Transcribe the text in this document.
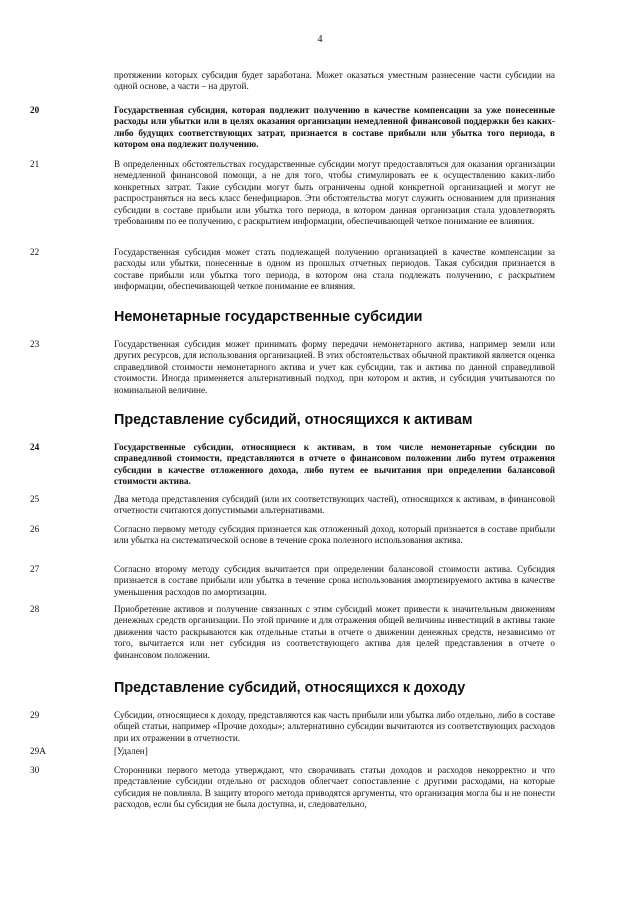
4
протяжении которых субсидия будет заработана. Может оказаться уместным разнесение части субсидии на одной основе, а части – на другой.
20	Государственная субсидия, которая подлежит получению в качестве компенсации за уже понесенные расходы или убытки или в целях оказания организации немедленной финансовой поддержки без каких-либо будущих соответствующих затрат, признается в составе прибыли или убытка того периода, в котором она подлежит получению.
21	В определенных обстоятельствах государственные субсидии могут предоставляться для оказания организации немедленной финансовой помощи, а не для того, чтобы стимулировать ее к осуществлению каких-либо конкретных затрат. Такие субсидии могут быть ограничены одной конкретной организацией и могут не распространяться на весь класс бенефициаров. Эти обстоятельства могут служить основанием для признания субсидии в составе прибыли или убытка того периода, в котором данная организация стала удовлетворять требованиям по ее получению, с раскрытием информации, обеспечивающей четкое понимание ее влияния.
22	Государственная субсидия может стать подлежащей получению организацией в качестве компенсации за расходы или убытки, понесенные в одном из прошлых отчетных периодов. Такая субсидия признается в составе прибыли или убытка того периода, в котором она стала подлежать получению, с раскрытием информации, обеспечивающей четкое понимание ее влияния.
Немонетарные государственные субсидии
23	Государственная субсидия может принимать форму передачи немонетарного актива, например земли или других ресурсов, для использования организацией. В этих обстоятельствах обычной практикой является оценка справедливой стоимости немонетарного актива и учет как субсидии, так и актива по данной справедливой стоимости. Иногда применяется альтернативный подход, при котором и актив, и субсидия учитываются по номинальной величине.
Представление субсидий, относящихся к активам
24	Государственные субсидии, относящиеся к активам, в том числе немонетарные субсидии по справедливой стоимости, представляются в отчете о финансовом положении либо путем отражения субсидии в качестве отложенного дохода, либо путем ее вычитания при определении балансовой стоимости актива.
25	Два метода представления субсидий (или их соответствующих частей), относящихся к активам, в финансовой отчетности считаются допустимыми альтернативами.
26	Согласно первому методу субсидия признается как отложенный доход, который признается в составе прибыли или убытка на систематической основе в течение срока полезного использования актива.
27	Согласно второму методу субсидия вычитается при определении балансовой стоимости актива. Субсидия признается в составе прибыли или убытка в течение срока использования амортизируемого актива в качестве уменьшения расходов по амортизации.
28	Приобретение активов и получение связанных с этим субсидий может привести к значительным движениям денежных средств организации. По этой причине и для отражения общей величины инвестиций в активы такие движения часто раскрываются как отдельные статьи в отчете о движении денежных средств, независимо от того, вычитается или нет субсидия из соответствующего актива для целей представления в отчете о финансовом положении.
Представление субсидий, относящихся к доходу
29	Субсидии, относящиеся к доходу, представляются как часть прибыли или убытка либо отдельно, либо в составе общей статьи, например «Прочие доходы»; альтернативно субсидии вычитаются из соответствующих расходов при их отражении в отчетности.
29A	[Удален]
30	Сторонники первого метода утверждают, что сворачивать статьи доходов и расходов некорректно и что представление субсидии отдельно от расходов облегчает сопоставление с другими расходами, на которые субсидия не повлияла. В защиту второго метода приводятся аргументы, что организация могла бы и не понести расходов, если бы субсидия не была доступна, и, следовательно,
